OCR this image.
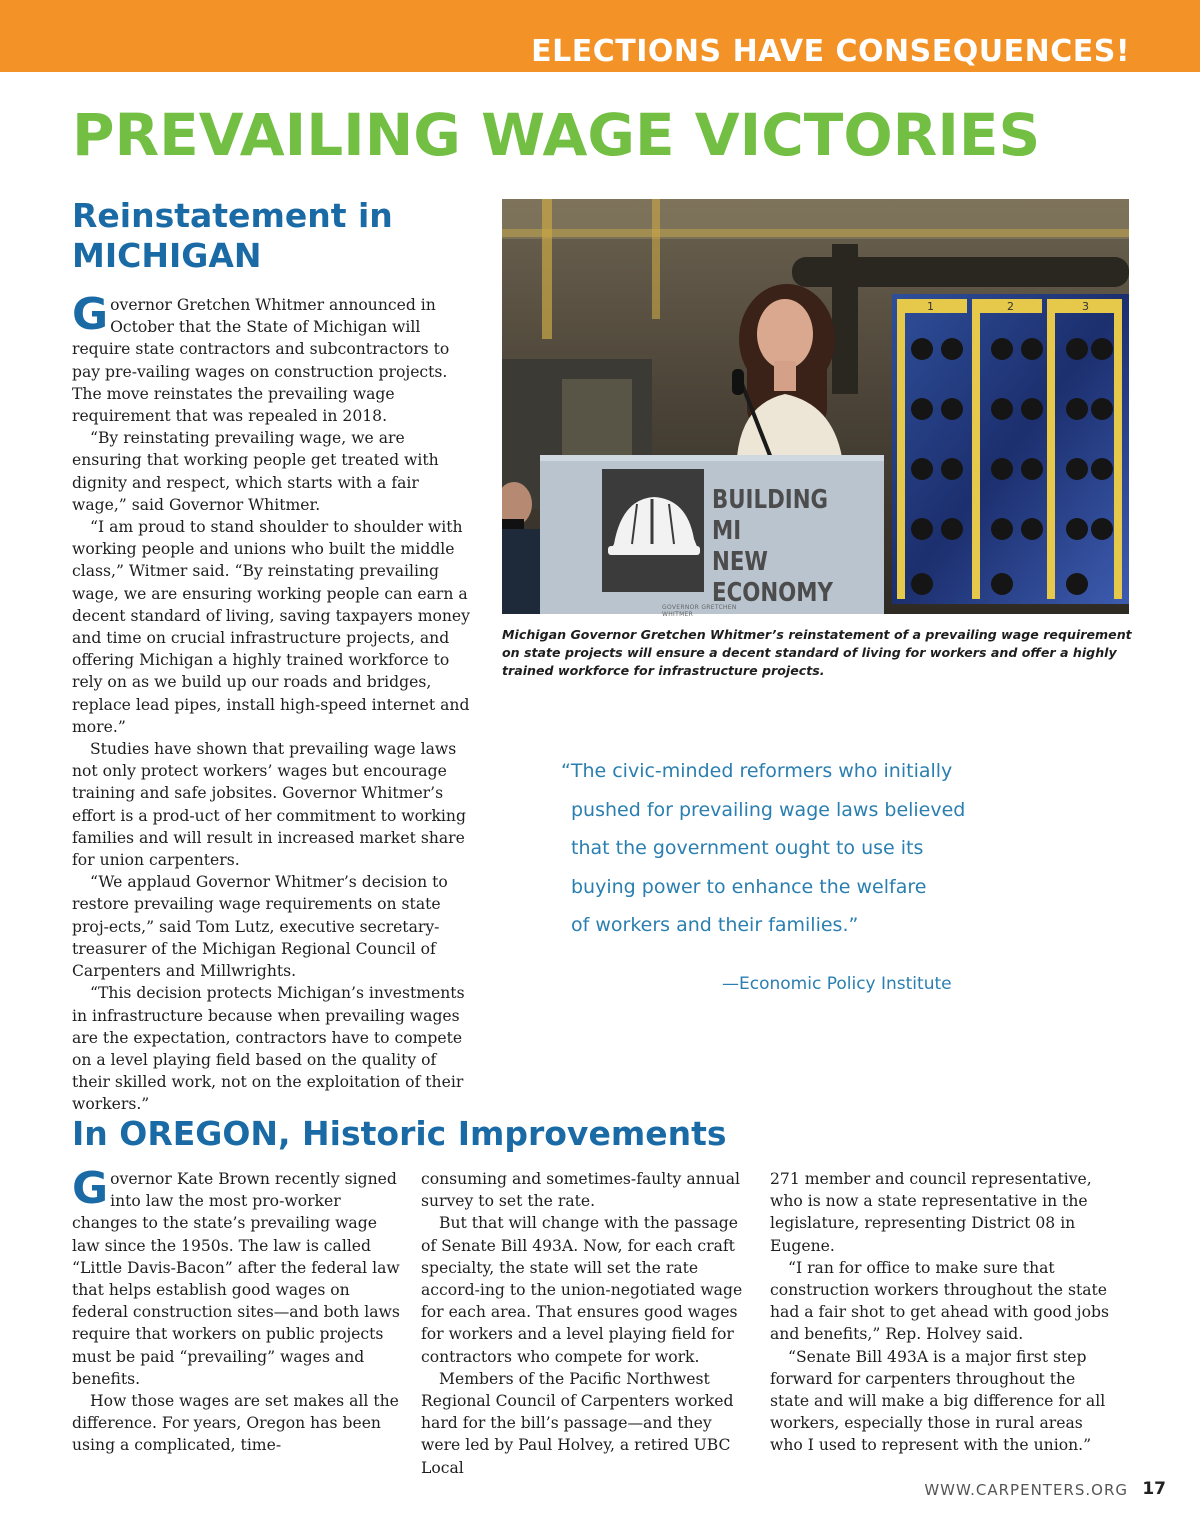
ELECTIONS HAVE CONSEQUENCES!
PREVAILING WAGE VICTORIES
Reinstatement in
MICHIGAN

Governor Gretchen Whitmer announced in October that the State of Michigan will require state contractors and subcontractors to pay pre-vailing wages on construction projects. The move reinstates the prevailing wage requirement that was repealed in 2018.

“By reinstating prevailing wage, we are ensuring that working people get treated with dignity and respect, which starts with a fair wage,” said Governor Whitmer.

“I am proud to stand shoulder to shoulder with working people and unions who built the middle class,” Witmer said. “By reinstating prevailing wage, we are ensuring working people can earn a decent standard of living, saving taxpayers money and time on crucial infrastructure projects, and offering Michigan a highly trained workforce to rely on as we build up our roads and bridges, replace lead pipes, install high-speed internet and more.”

Studies have shown that prevailing wage laws not only protect workers’ wages but encourage training and safe jobsites. Governor Whitmer’s effort is a prod-uct of her commitment to working families and will result in increased market share for union carpenters.

“We applaud Governor Whitmer’s decision to restore prevailing wage requirements on state proj-ects,” said Tom Lutz, executive secretary-treasurer of the Michigan Regional Council of Carpenters and Millwrights.

“This decision protects Michigan’s investments in infrastructure because when prevailing wages are the expectation, contractors have to compete on a level playing field based on the quality of their skilled work, not on the exploitation of their workers.”

1	2	3
BUILDING MI
NEW
ECONOMY
GOVERNOR GRETCHEN WHITMER

Michigan Governor Gretchen Whitmer’s reinstatement of a prevailing wage requirement on state projects will ensure a decent standard of living for workers and offer a highly trained workforce for infrastructure projects.

“The civic-minded reformers who initially
pushed for prevailing wage laws believed
that the government ought to use its
buying power to enhance the welfare
of workers and their families.”

—Economic Policy Institute

In OREGON, Historic Improvements

Governor Kate Brown recently signed into law the most pro-worker changes to the state’s prevailing wage law since the 1950s. The law is called “Little Davis-Bacon” after the federal law that helps establish good wages on federal construction sites—and both laws require that workers on public projects must be paid “prevailing” wages and benefits.

How those wages are set makes all the difference. For years, Oregon has been using a complicated, time-

consuming and sometimes-faulty annual survey to set the rate.

But that will change with the passage of Senate Bill 493A. Now, for each craft specialty, the state will set the rate accord-ing to the union-negotiated wage for each area. That ensures good wages for workers and a level playing field for contractors who compete for work.

Members of the Pacific Northwest Regional Council of Carpenters worked hard for the bill’s passage—and they were led by Paul Holvey, a retired UBC Local

271 member and council representative, who is now a state representative in the legislature, representing District 08 in Eugene.

“I ran for office to make sure that construction workers throughout the state had a fair shot to get ahead with good jobs and benefits,” Rep. Holvey said.

“Senate Bill 493A is a major first step forward for carpenters throughout the state and will make a big difference for all workers, especially those in rural areas who I used to represent with the union.”

WWW.CARPENTERS.ORG 17
